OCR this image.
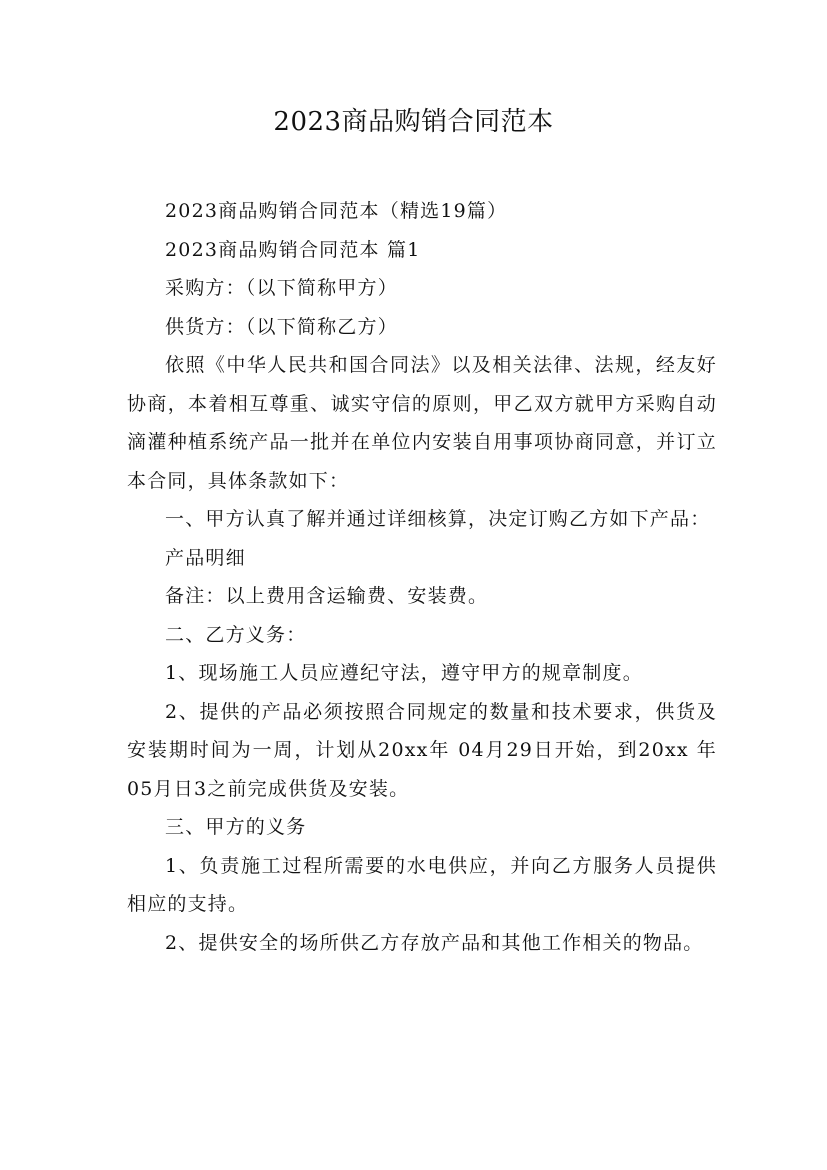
2023商品购销合同范本

2023商品购销合同范本（精选19篇）

2023商品购销合同范本 篇1

采购方：（以下简称甲方）

供货方：（以下简称乙方）

依照《中华人民共和国合同法》以及相关法律、法规，经友好协商，本着相互尊重、诚实守信的原则，甲乙双方就甲方采购自动滴灌种植系统产品一批并在单位内安装自用事项协商同意，并订立本合同，具体条款如下：

一、甲方认真了解并通过详细核算，决定订购乙方如下产品：

产品明细

备注：以上费用含运输费、安装费。

二、乙方义务：

1、现场施工人员应遵纪守法，遵守甲方的规章制度。

2、提供的产品必须按照合同规定的数量和技术要求，供货及安装期时间为一周，计划从20xx年 04月29日开始，到20xx 年 05月日3之前完成供货及安装。

三、甲方的义务

1、负责施工过程所需要的水电供应，并向乙方服务人员提供相应的支持。

2、提供安全的场所供乙方存放产品和其他工作相关的物品。
